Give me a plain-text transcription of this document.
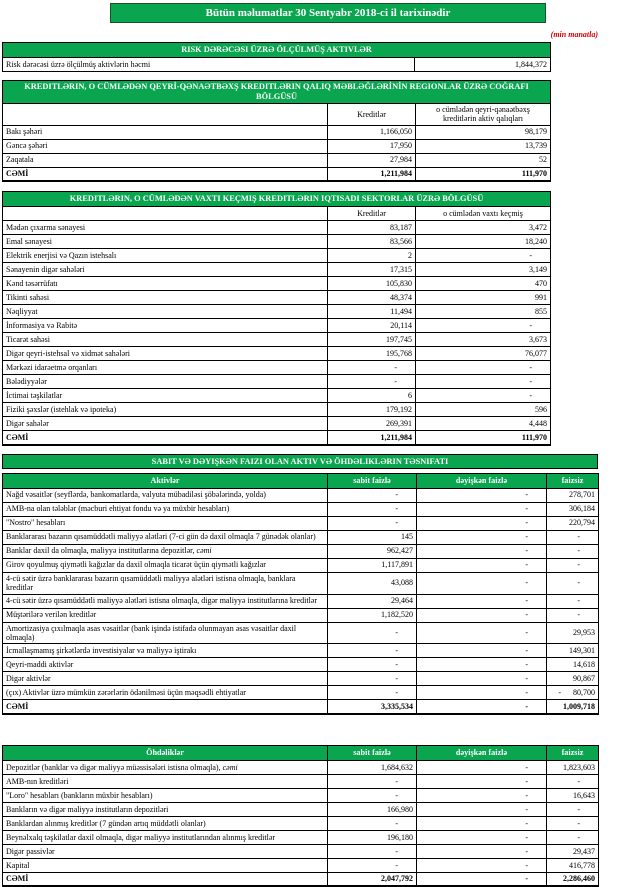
Bütün məlumatlar 30 Sentyabr 2018-ci il tarixinədir
(min manatla)
RISK DƏRƏCƏSI ÜZRƏ ÖLÇÜLMÜŞ AKTIVLƏR
Risk dərəcəsi üzrə ölçülmüş aktivlərin həcmi	1,844,372
KREDITLƏRIN, O CÜMLƏDƏN QEYRİ-QƏNAƏTBƏXŞ KREDITLƏRIN QALIQ MƏBLƏĞLƏRİNİN REGIONLAR ÜZRƏ COĞRAFI BÖLGÜSÜ		
	Kreditlər	o cümlədən qeyri-qənaətbəxş kreditlərin aktiv qalıqları
Bakı şəhəri	1,166,050	98,179
Gəncə şəhəri	17,950	13,739
Zaqatala	27,984	52
CƏMİ	1,211,984	111,970
KREDITLƏRIN, O CÜMLƏDƏN VAXTI KEÇMIŞ KREDITLƏRIN IQTISADI SEKTORLAR ÜZRƏ BÖLGÜSÜ		
	Kreditlər	o cümlədən vaxtı keçmiş
Mədən çıxarma sənayesi	83,187	3,472
Emal sənayesi	83,566	18,240
Elektrik enerjisi və Qazın istehsalı	2	-
Sənayenin digər sahələri	17,315	3,149
Kənd təsərrüfatı	105,830	470
Tikinti sahəsi	48,374	991
Nəqliyyat	11,494	855
İnformasiya və Rabitə	20,114	-
Ticarət sahəsi	197,745	3,673
Digər qeyri-istehsal və xidmət sahələri	195,768	76,077
Mərkəzi idarəetmə orqanları	-	-
Bələdiyyələr	-	-
İctimai təşkilatlar	6	-
Fiziki şəxslər (istehlak və ipoteka)	179,192	596
Digər sahələr	269,391	4,448
CƏMİ	1,211,984	111,970
SABIT VƏ DƏYIŞKƏN FAIZI OLAN AKTIV VƏ ÖHDƏLIKLƏRIN TƏSNIFATI
Aktivlər	sabit faizlə	dəyişkən faizlə	faizsiz
Nağd vəsaitlər (seyflərdə, bankomatlarda, valyuta mübadiləsi şöbələrində, yolda)	-	-	278,701
AMB-na olan tələblər (məcburi ehtiyat fondu və ya müxbir hesabları)	-	-	306,184
"Nostro" hesabları	-	-	220,794
Banklararası bazarın qısamüddətli maliyyə alətləri (7-ci gün də daxil olmaqla 7 günədək olanlar)	145	-	-
Banklar daxil da olmaqla, maliyyə institutlarına depozitlər, cəmi	962,427	-	-
Girov qoyulmuş qiymətli kağızlar da daxil olmaqla ticarət üçün qiymətli kağızlar	1,117,891	-	-
4-cü sətir üzrə banklararası bazarın qısamüddətli maliyyə alətləri istisna olmaqla, banklara kreditlər	43,088	-	-
4-cü sətir üzrə qısamüddətli maliyyə alətləri istisna olmaqla, digər maliyyə institutlarına kreditlər	29,464	-	-
Müştərilərə verilən kreditlər	1,182,520	-	-
Amortizasiya çıxılmaqla əsas vəsaitlər (bank işində istifadə olunmayan əsas vəsaitlər daxil olmaqla)	-	-	29,953
İcmallaşmamış şirkətlərdə investisiyalar və maliyyə iştirakı	-	-	149,301
Qeyri-maddi aktivlər	-	-	14,618
Digər aktivlər	-	-	90,867
(çıx) Aktivlər üzrə mümkün zərərlərin ödənilməsi üçün məqsədli ehtiyatlar	-	-	-   80,700
CƏMİ	3,335,534	-	1,009,718
Öhdəliklər	sabit faizlə	dəyişkən faizlə	faizsiz
Depozitlər (banklar və digər maliyyə müəssisələri istisna olmaqla), cəmi	1,684,632	-	1,823,603
AMB-nın kreditləri	-	-	-
"Loro" hesabları (bankların müxbir hesabları)	-	-	16,643
Bankların və digər maliyyə institutların depozitləri	166,980	-	-
Banklardan alınmış kreditlər (7 gündən artıq müddətli olanlar)	-	-	-
Beynəlxalq təşkilatlar daxil olmaqla, digər maliyyə institutlarından alınmış kreditlər	196,180	-	-
Digər passivlər	-	-	29,437
Kapital	-	-	416,778
CƏMİ	2,047,792	-	2,286,460
